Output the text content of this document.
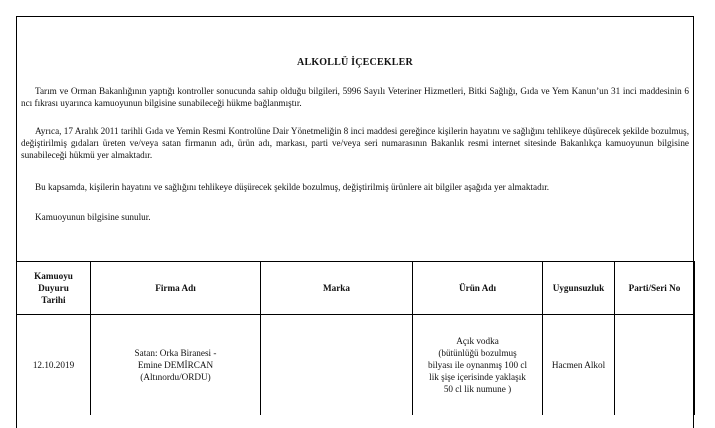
ALKOLLÜ İÇECEKLER
Tarım ve Orman Bakanlığının yaptığı kontroller sonucunda sahip olduğu bilgileri, 5996 Sayılı Veteriner Hizmetleri, Bitki Sağlığı, Gıda ve Yem Kanun’un 31 inci maddesinin 6 ncı fıkrası uyarınca kamuoyunun bilgisine sunabileceği hükme bağlanmıştır.
Ayrıca, 17 Aralık 2011 tarihli Gıda ve Yemin Resmi Kontrolüne Dair Yönetmeliğin 8 inci maddesi gereğince kişilerin hayatını ve sağlığını tehlikeye düşürecek şekilde bozulmuş, değiştirilmiş gıdaları üreten ve/veya satan firmanın adı, ürün adı, markası, parti ve/veya seri numarasının Bakanlık resmi internet sitesinde Bakanlıkça kamuoyunun bilgisine sunabileceği hükmü yer almaktadır.
Bu kapsamda, kişilerin hayatını ve sağlığını tehlikeye düşürecek şekilde bozulmuş, değiştirilmiş ürünlere ait bilgiler aşağıda yer almaktadır.
Kamuoyunun bilgisine sunulur.
Kamuoyu
Duyuru
Tarihi	Firma Adı	Marka	Ürün Adı	Uygunsuzluk	Parti/Seri No
12.10.2019	Satan: Orka Biranesi -
Emine DEMİRCAN
(Altınordu/ORDU)		Açık vodka
(bütünlüğü bozulmuş
bilyası ile oynanmış 100 cl
lik şişe içerisinde yaklaşık
50 cl lik numune )	Hacmen Alkol	
